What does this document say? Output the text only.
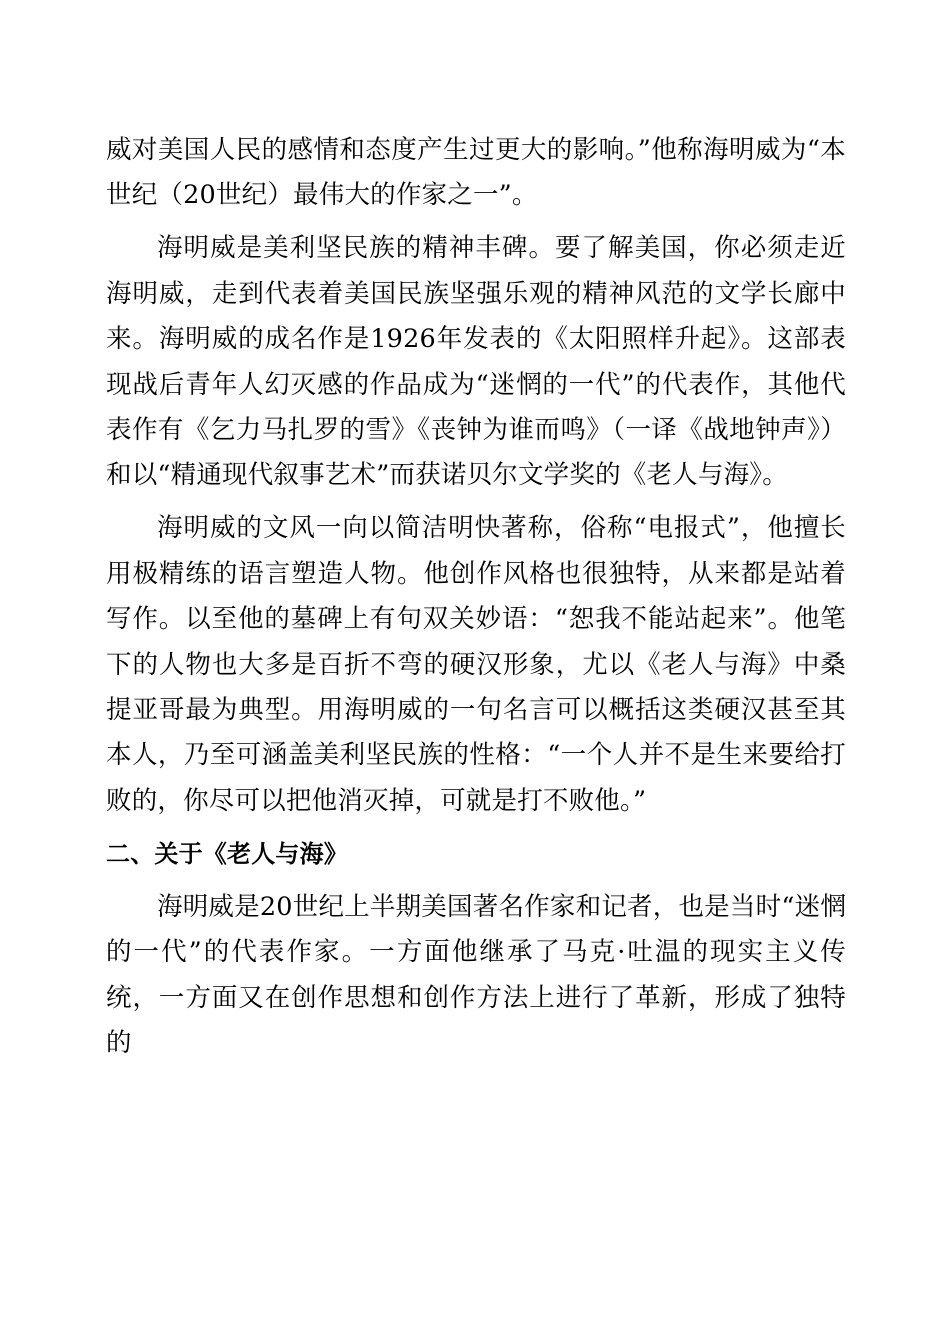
威对美国人民的感情和态度产生过更大的影响。”他称海明威为“本世纪（20世纪）最伟大的作家之一”。

海明威是美利坚民族的精神丰碑。要了解美国，你必须走近海明威，走到代表着美国民族坚强乐观的精神风范的文学长廊中来。海明威的成名作是1926年发表的《太阳照样升起》。这部表现战后青年人幻灭感的作品成为“迷惘的一代”的代表作，其他代表作有《乞力马扎罗的雪》《丧钟为谁而鸣》（一译《战地钟声》）和以“精通现代叙事艺术”而获诺贝尔文学奖的《老人与海》。

海明威的文风一向以简洁明快著称，俗称“电报式”，他擅长用极精练的语言塑造人物。他创作风格也很独特，从来都是站着写作。以至他的墓碑上有句双关妙语：“恕我不能站起来”。他笔下的人物也大多是百折不弯的硬汉形象，尤以《老人与海》中桑提亚哥最为典型。用海明威的一句名言可以概括这类硬汉甚至其本人，乃至可涵盖美利坚民族的性格：“一个人并不是生来要给打败的，你尽可以把他消灭掉，可就是打不败他。”

二、关于《老人与海》

海明威是20世纪上半期美国著名作家和记者，也是当时“迷惘的一代”的代表作家。一方面他继承了马克·吐温的现实主义传统，一方面又在创作思想和创作方法上进行了革新，形成了独特的
